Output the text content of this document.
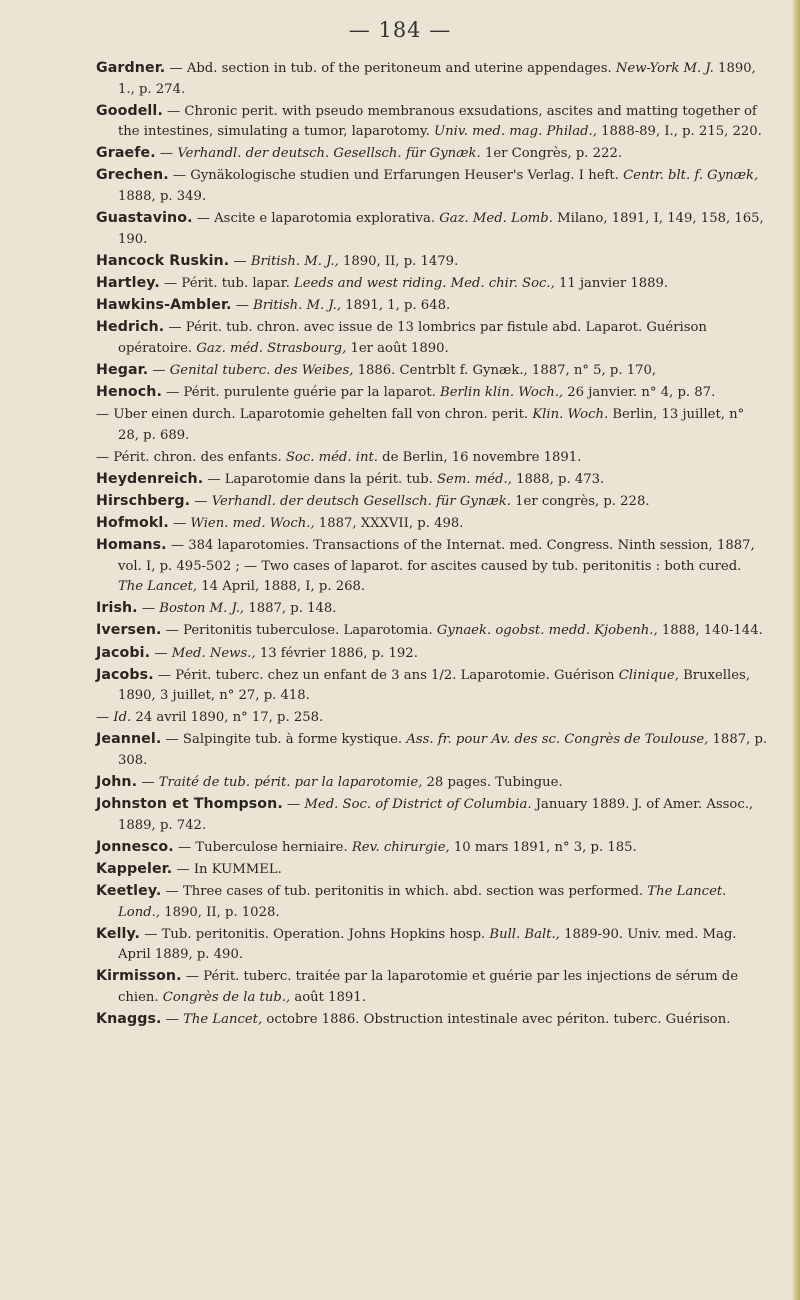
— 184 —

Gardner. — Abd. section in tub. of the peritoneum and uterine appendages. New-York M. J. 1890, 1., p. 274.

Goodell. — Chronic perit. with pseudo membranous exsudations, ascites and matting together of the intestines, simulating a tumor, laparotomy. Univ. med. mag. Philad., 1888-89, I., p. 215, 220.

Graefe. — Verhandl. der deutsch. Gesellsch. für Gynæk. 1er Congrès, p. 222.

Grechen. — Gynäkologische studien und Erfarungen Heuser's Verlag. I heft. Centr. blt. f. Gynæk, 1888, p. 349.

Guastavino. — Ascite e laparotomia explorativa. Gaz. Med. Lomb. Milano, 1891, I, 149, 158, 165, 190.

Hancock Ruskin. — British. M. J., 1890, II, p. 1479.

Hartley. — Périt. tub. lapar. Leeds and west riding. Med. chir. Soc., 11 janvier 1889.

Hawkins-Ambler. — British. M. J., 1891, 1, p. 648.

Hedrich. — Périt. tub. chron. avec issue de 13 lombrics par fistule abd. Laparot. Guérison opératoire. Gaz. méd. Strasbourg, 1er août 1890.

Hegar. — Genital tuberc. des Weibes, 1886. Centrblt f. Gynæk., 1887, n° 5, p. 170,

Henoch. — Périt. purulente guérie par la laparot. Berlin klin. Woch., 26 janvier. n° 4, p. 87.

— Uber einen durch. Laparotomie gehelten fall von chron. perit. Klin. Woch. Berlin, 13 juillet, n° 28, p. 689.

— Périt. chron. des enfants. Soc. méd. int. de Berlin, 16 novembre 1891.

Heydenreich. — Laparotomie dans la périt. tub. Sem. méd., 1888, p. 473.

Hirschberg. — Verhandl. der deutsch Gesellsch. für Gynæk. 1er congrès, p. 228.

Hofmokl. — Wien. med. Woch., 1887, XXXVII, p. 498.

Homans. — 384 laparotomies. Transactions of the Internat. med. Congress. Ninth session, 1887, vol. I, p. 495-502 ; — Two cases of laparot. for ascites caused by tub. peritonitis : both cured. The Lancet, 14 April, 1888, I, p. 268.

Irish. — Boston M. J., 1887, p. 148.

Iversen. — Peritonitis tuberculose. Laparotomia. Gynaek. ogobst. medd. Kjobenh., 1888, 140-144.

Jacobi. — Med. News., 13 février 1886, p. 192.

Jacobs. — Périt. tuberc. chez un enfant de 3 ans 1/2. Laparotomie. Guérison Clinique, Bruxelles, 1890, 3 juillet, n° 27, p. 418.

— Id. 24 avril 1890, n° 17, p. 258.

Jeannel. — Salpingite tub. à forme kystique. Ass. fr. pour Av. des sc. Congrès de Toulouse, 1887, p. 308.

John. — Traité de tub. périt. par la laparotomie, 28 pages. Tubingue.

Johnston et Thompson. — Med. Soc. of District of Columbia. January 1889. J. of Amer. Assoc., 1889, p. 742.

Jonnesco. — Tuberculose herniaire. Rev. chirurgie, 10 mars 1891, n° 3, p. 185.

Kappeler. — In KUMMEL.

Keetley. — Three cases of tub. peritonitis in which. abd. section was performed. The Lancet. Lond., 1890, II, p. 1028.

Kelly. — Tub. peritonitis. Operation. Johns Hopkins hosp. Bull. Balt., 1889-90. Univ. med. Mag. April 1889, p. 490.

Kirmisson. — Périt. tuberc. traitée par la laparotomie et guérie par les injections de sérum de chien. Congrès de la tub., août 1891.

Knaggs. — The Lancet, octobre 1886. Obstruction intestinale avec périton. tuberc. Guérison.
